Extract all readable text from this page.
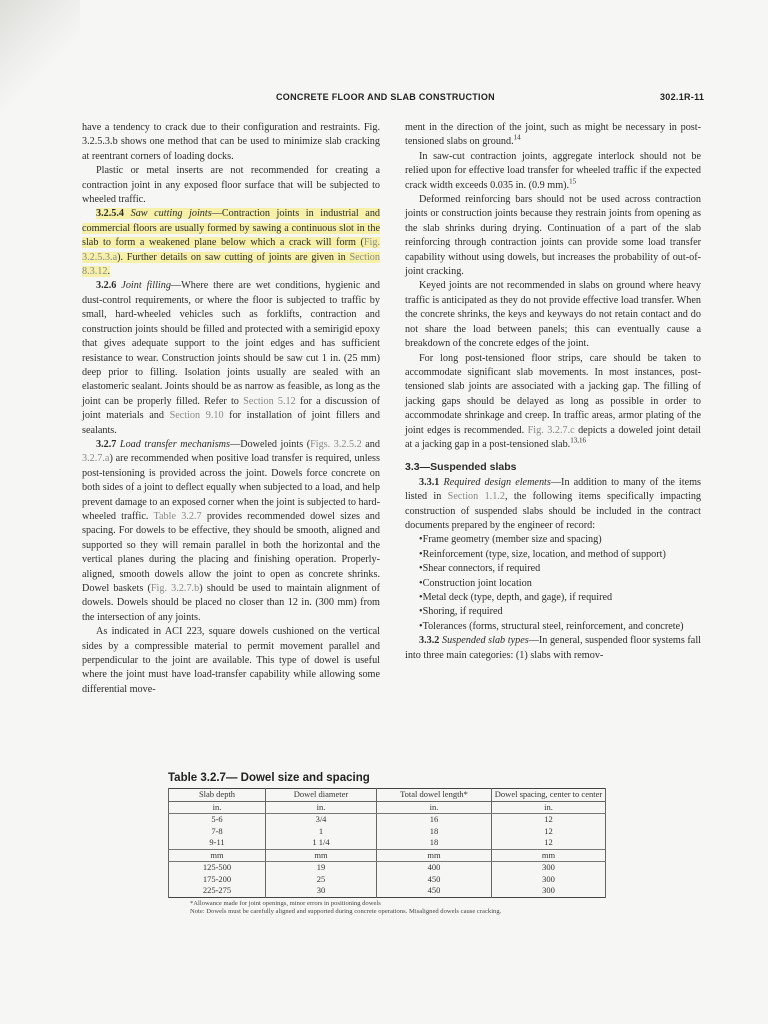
CONCRETE FLOOR AND SLAB CONSTRUCTION	302.1R-11

have a tendency to crack due to their configuration and restraints. Fig. 3.2.5.3.b shows one method that can be used to minimize slab cracking at reentrant corners of loading docks.

Plastic or metal inserts are not recommended for creating a contraction joint in any exposed floor surface that will be subjected to wheeled traffic.

3.2.5.4 Saw cutting joints—Contraction joints in industrial and commercial floors are usually formed by sawing a continuous slot in the slab to form a weakened plane below which a crack will form (Fig. 3.2.5.3.a). Further details on saw cutting of joints are given in Section 8.3.12.

3.2.6 Joint filling—Where there are wet conditions, hygienic and dust-control requirements, or where the floor is subjected to traffic by small, hard-wheeled vehicles such as forklifts, contraction and construction joints should be filled and protected with a semirigid epoxy that gives adequate support to the joint edges and has sufficient resistance to wear. Construction joints should be saw cut 1 in. (25 mm) deep prior to filling. Isolation joints usually are sealed with an elastomeric sealant. Joints should be as narrow as feasible, as long as the joint can be properly filled. Refer to Section 5.12 for a discussion of joint materials and Section 9.10 for installation of joint fillers and sealants.

3.2.7 Load transfer mechanisms—Doweled joints (Figs. 3.2.5.2 and 3.2.7.a) are recommended when positive load transfer is required, unless post-tensioning is provided across the joint. Dowels force concrete on both sides of a joint to deflect equally when subjected to a load, and help prevent damage to an exposed corner when the joint is subjected to hard-wheeled traffic. Table 3.2.7 provides recommended dowel sizes and spacing. For dowels to be effective, they should be smooth, aligned and supported so they will remain parallel in both the horizontal and the vertical planes during the placing and finishing operation. Properly-aligned, smooth dowels allow the joint to open as concrete shrinks. Dowel baskets (Fig. 3.2.7.b) should be used to maintain alignment of dowels. Dowels should be placed no closer than 12 in. (300 mm) from the intersection of any joints.

As indicated in ACI 223, square dowels cushioned on the vertical sides by a compressible material to permit movement parallel and perpendicular to the joint are available. This type of dowel is useful where the joint must have load-transfer capability while allowing some differential move-

ment in the direction of the joint, such as might be necessary in post-tensioned slabs on ground.$^{14}$

In saw-cut contraction joints, aggregate interlock should not be relied upon for effective load transfer for wheeled traffic if the expected crack width exceeds 0.035 in. (0.9 mm).$^{15}$

Deformed reinforcing bars should not be used across contraction joints or construction joints because they restrain joints from opening as the slab shrinks during drying. Continuation of a part of the slab reinforcing through contraction joints can provide some load transfer capability without using dowels, but increases the probability of out-of-joint cracking.

Keyed joints are not recommended in slabs on ground where heavy traffic is anticipated as they do not provide effective load transfer. When the concrete shrinks, the keys and keyways do not retain contact and do not share the load between panels; this can eventually cause a breakdown of the concrete edges of the joint.

For long post-tensioned floor strips, care should be taken to accommodate significant slab movements. In most instances, post-tensioned slab joints are associated with a jacking gap. The filling of jacking gaps should be delayed as long as possible in order to accommodate shrinkage and creep. In traffic areas, armor plating of the joint edges is recommended. Fig. 3.2.7.c depicts a doweled joint detail at a jacking gap in a post-tensioned slab.$^{13,16}$

3.3—Suspended slabs

3.3.1 Required design elements—In addition to many of the items listed in Section 1.1.2, the following items specifically impacting construction of suspended slabs should be included in the contract documents prepared by the engineer of record:

•Frame geometry (member size and spacing)
•Reinforcement (type, size, location, and method of support)
•Shear connectors, if required
•Construction joint location
•Metal deck (type, depth, and gage), if required
•Shoring, if required
•Tolerances (forms, structural steel, reinforcement, and concrete)

3.3.2 Suspended slab types—In general, suspended floor systems fall into three main categories: (1) slabs with remov-

Table 3.2.7— Dowel size and spacing
Slab depth	Dowel diameter	Total dowel length*	Dowel spacing, center to center
in.	in.	in.	in.
5-6	3/4	16	12
7-8	1	18	12
9-11	1 1/4	18	12
mm	mm	mm	mm
125-500	19	400	300
175-200	25	450	300
225-275	30	450	300
*Allowance made for joint openings, minor errors in positioning dowels
Note: Dowels must be carefully aligned and supported during concrete operations. Misaligned dowels cause cracking.
